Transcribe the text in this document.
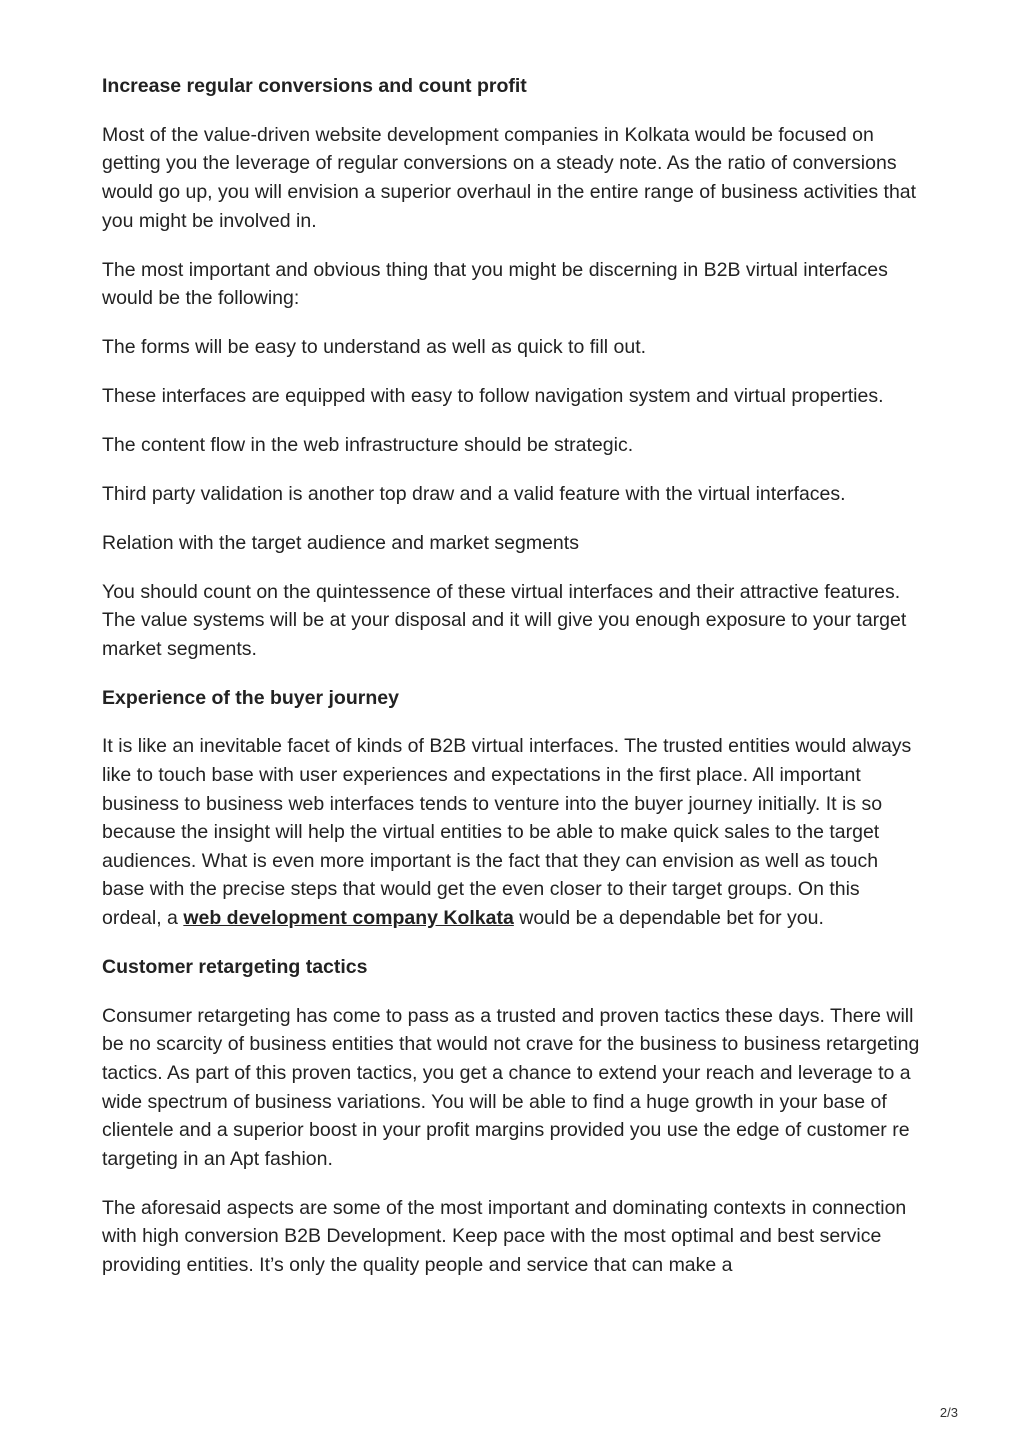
Increase regular conversions and count profit

Most of the value-driven website development companies in Kolkata would be focused on getting you the leverage of regular conversions on a steady note. As the ratio of conversions would go up, you will envision a superior overhaul in the entire range of business activities that you might be involved in.

The most important and obvious thing that you might be discerning in B2B virtual interfaces would be the following:

The forms will be easy to understand as well as quick to fill out.

These interfaces are equipped with easy to follow navigation system and virtual properties.

The content flow in the web infrastructure should be strategic.

Third party validation is another top draw and a valid feature with the virtual interfaces.

Relation with the target audience and market segments

You should count on the quintessence of these virtual interfaces and their attractive features. The value systems will be at your disposal and it will give you enough exposure to your target market segments.

Experience of the buyer journey

It is like an inevitable facet of kinds of B2B virtual interfaces. The trusted entities would always like to touch base with user experiences and expectations in the first place. All important business to business web interfaces tends to venture into the buyer journey initially. It is so because the insight will help the virtual entities to be able to make quick sales to the target audiences. What is even more important is the fact that they can envision as well as touch base with the precise steps that would get the even closer to their target groups. On this ordeal, a web development company Kolkata would be a dependable bet for you.

Customer retargeting tactics

Consumer retargeting has come to pass as a trusted and proven tactics these days. There will be no scarcity of business entities that would not crave for the business to business retargeting tactics. As part of this proven tactics, you get a chance to extend your reach and leverage to a wide spectrum of business variations. You will be able to find a huge growth in your base of clientele and a superior boost in your profit margins provided you use the edge of customer re targeting in an Apt fashion.

The aforesaid aspects are some of the most important and dominating contexts in connection with high conversion B2B Development. Keep pace with the most optimal and best service providing entities. It’s only the quality people and service that can make a

2/3
